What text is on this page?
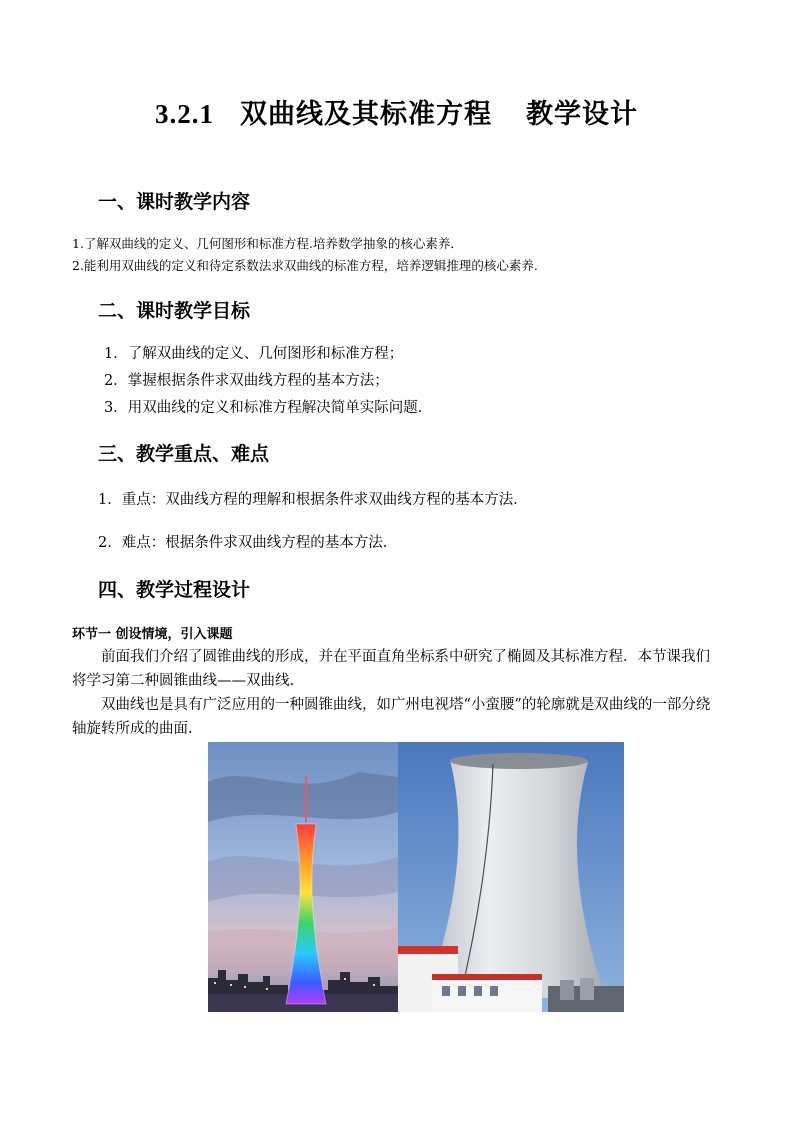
3.2.1 双曲线及其标准方程 教学设计
一、课时教学内容
1.了解双曲线的定义、几何图形和标准方程.培养数学抽象的核心素养．
2.能利用双曲线的定义和待定系数法求双曲线的标准方程，培养逻辑推理的核心素养.
二、课时教学目标
1．了解双曲线的定义、几何图形和标准方程；
2．掌握根据条件求双曲线方程的基本方法；
3．用双曲线的定义和标准方程解决简单实际问题.
三、教学重点、难点
1．重点：双曲线方程的理解和根据条件求双曲线方程的基本方法．
2．难点：根据条件求双曲线方程的基本方法.
四、教学过程设计
环节一 创设情境，引入课题
前面我们介绍了圆锥曲线的形成，并在平面直角坐标系中研究了椭圆及其标准方程．本节课我们将学习第二种圆锥曲线——双曲线.
双曲线也是具有广泛应用的一种圆锥曲线，如广州电视塔“小蛮腰”的轮廓就是双曲线的一部分绕轴旋转所成的曲面.
